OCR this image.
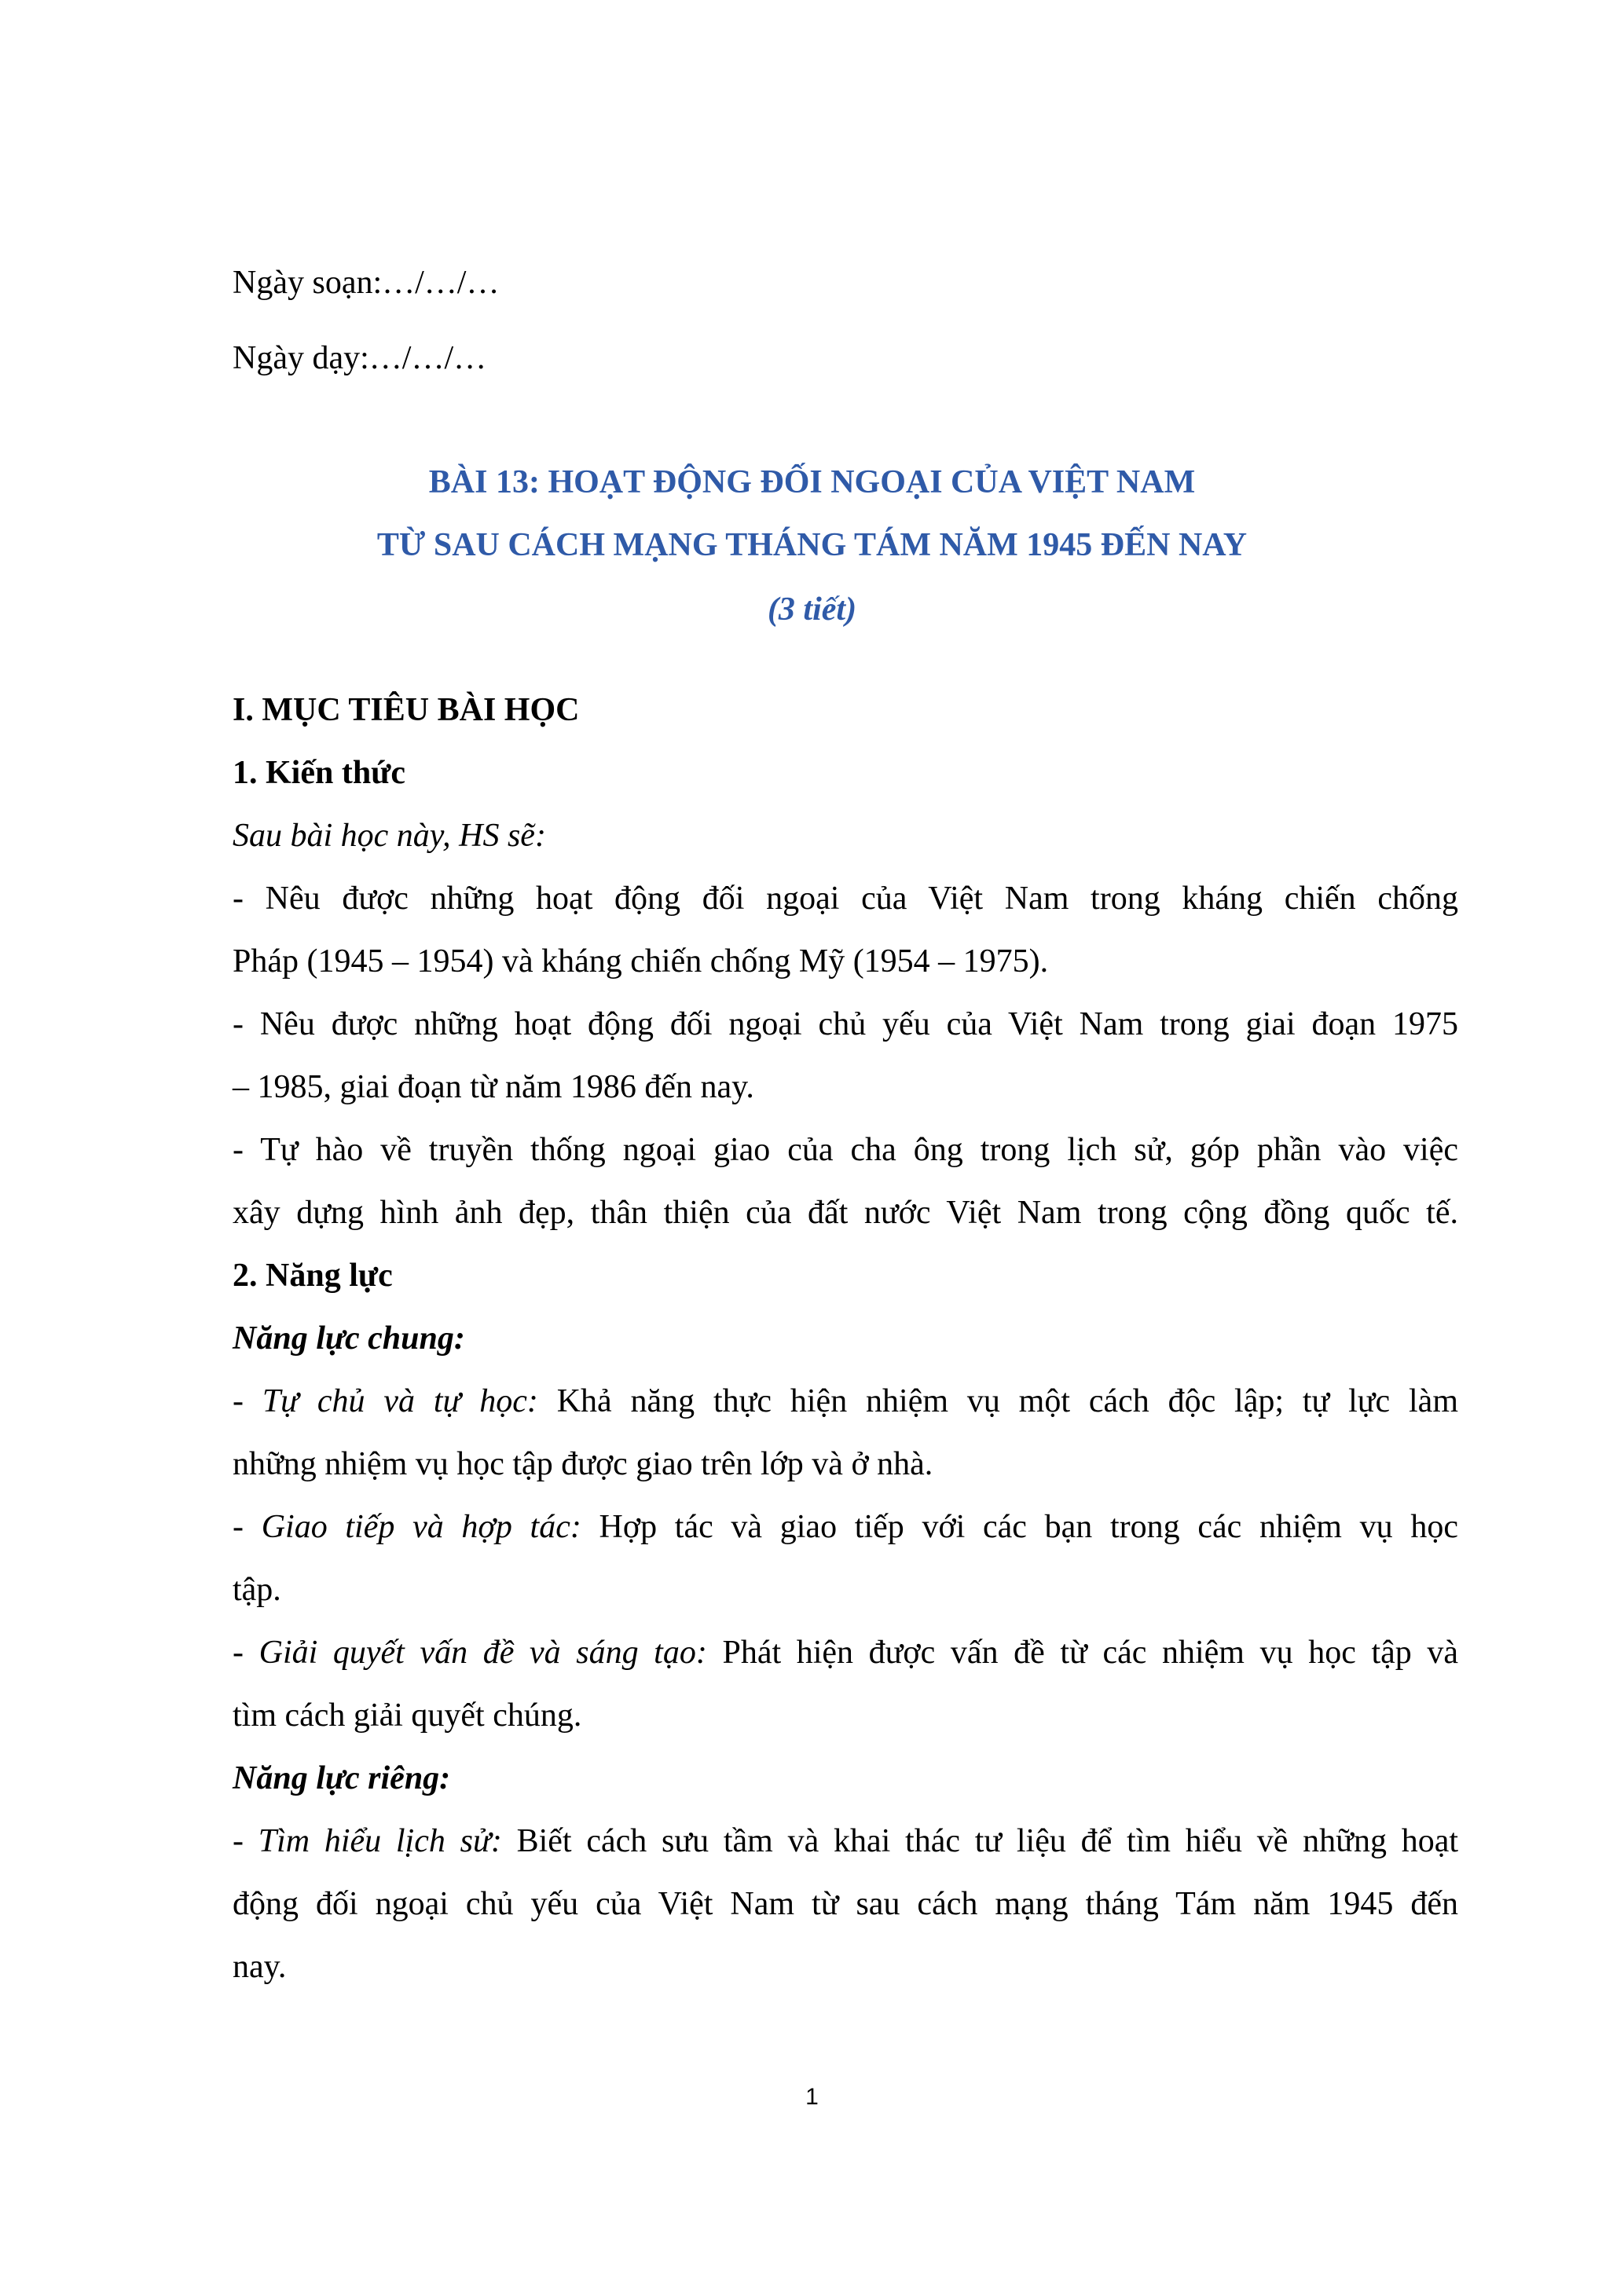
Ngày soạn:…/…/…
Ngày dạy:…/…/…
BÀI 13: HOẠT ĐỘNG ĐỐI NGOẠI CỦA VIỆT NAM
TỪ SAU CÁCH MẠNG THÁNG TÁM NĂM 1945 ĐẾN NAY
(3 tiết)
I. MỤC TIÊU BÀI HỌC
1. Kiến thức
Sau bài học này, HS sẽ:
- Nêu được những hoạt động đối ngoại của Việt Nam trong kháng chiến chống
Pháp (1945 – 1954) và kháng chiến chống Mỹ (1954 – 1975).
- Nêu được những hoạt động đối ngoại chủ yếu của Việt Nam trong giai đoạn 1975
– 1985, giai đoạn từ năm 1986 đến nay.
- Tự hào về truyền thống ngoại giao của cha ông trong lịch sử, góp phần vào việc
xây dựng hình ảnh đẹp, thân thiện của đất nước Việt Nam trong cộng đồng quốc tế.
2. Năng lực
Năng lực chung:
- Tự chủ và tự học: Khả năng thực hiện nhiệm vụ một cách độc lập; tự lực làm
những nhiệm vụ học tập được giao trên lớp và ở nhà.
- Giao tiếp và hợp tác: Hợp tác và giao tiếp với các bạn trong các nhiệm vụ học
tập.
- Giải quyết vấn đề và sáng tạo: Phát hiện được vấn đề từ các nhiệm vụ học tập và
tìm cách giải quyết chúng.
Năng lực riêng:
- Tìm hiểu lịch sử: Biết cách sưu tầm và khai thác tư liệu để tìm hiểu về những hoạt
động đối ngoại chủ yếu của Việt Nam từ sau cách mạng tháng Tám năm 1945 đến
nay.
1
